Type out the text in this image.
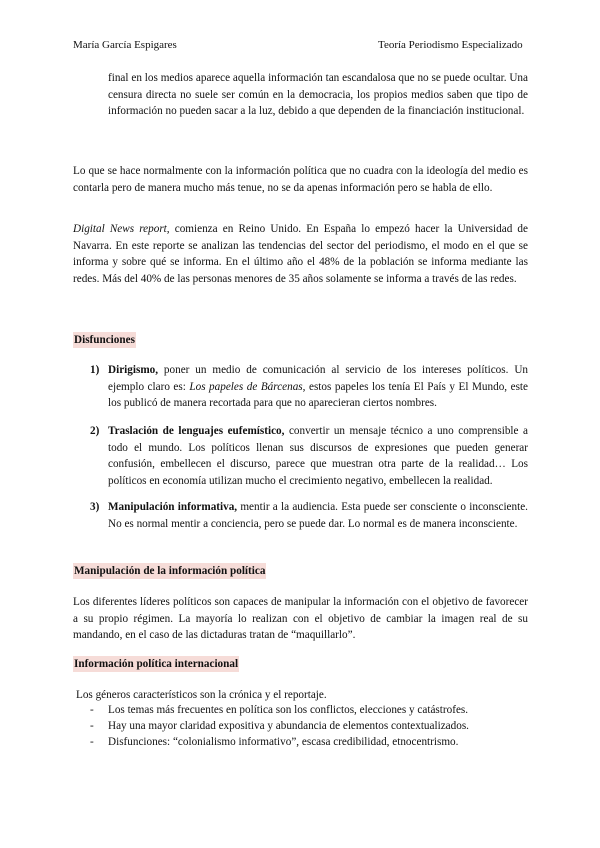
María García Espigares	Teoría Periodismo Especializado
final en los medios aparece aquella información tan escandalosa que no se puede ocultar. Una censura directa no suele ser común en la democracia, los propios medios saben que tipo de información no pueden sacar a la luz, debido a que dependen de la financiación institucional.
Lo que se hace normalmente con la información política que no cuadra con la ideología del medio es contarla pero de manera mucho más tenue, no se da apenas información pero se habla de ello.
Digital News report, comienza en Reino Unido. En España lo empezó hacer la Universidad de Navarra. En este reporte se analizan las tendencias del sector del periodismo, el modo en el que se informa y sobre qué se informa. En el último año el 48% de la población se informa mediante las redes. Más del 40% de las personas menores de 35 años solamente se informa a través de las redes.
Disfunciones
1) Dirigismo, poner un medio de comunicación al servicio de los intereses políticos. Un ejemplo claro es: Los papeles de Bárcenas, estos papeles los tenía El País y El Mundo, este los publicó de manera recortada para que no aparecieran ciertos nombres.
2) Traslación de lenguajes eufemístico, convertir un mensaje técnico a uno comprensible a todo el mundo. Los políticos llenan sus discursos de expresiones que pueden generar confusión, embellecen el discurso, parece que muestran otra parte de la realidad… Los políticos en economía utilizan mucho el crecimiento negativo, embellecen la realidad.
3) Manipulación informativa, mentir a la audiencia. Esta puede ser consciente o inconsciente. No es normal mentir a conciencia, pero se puede dar. Lo normal es de manera inconsciente.
Manipulación de la información política
Los diferentes líderes políticos son capaces de manipular la información con el objetivo de favorecer a su propio régimen. La mayoría lo realizan con el objetivo de cambiar la imagen real de su mandando, en el caso de las dictaduras tratan de “maquillarlo”.
Información política internacional
Los géneros característicos son la crónica y el reportaje.
- Los temas más frecuentes en política son los conflictos, elecciones y catástrofes.
- Hay una mayor claridad expositiva y abundancia de elementos contextualizados.
- Disfunciones: “colonialismo informativo”, escasa credibilidad, etnocentrismo.
